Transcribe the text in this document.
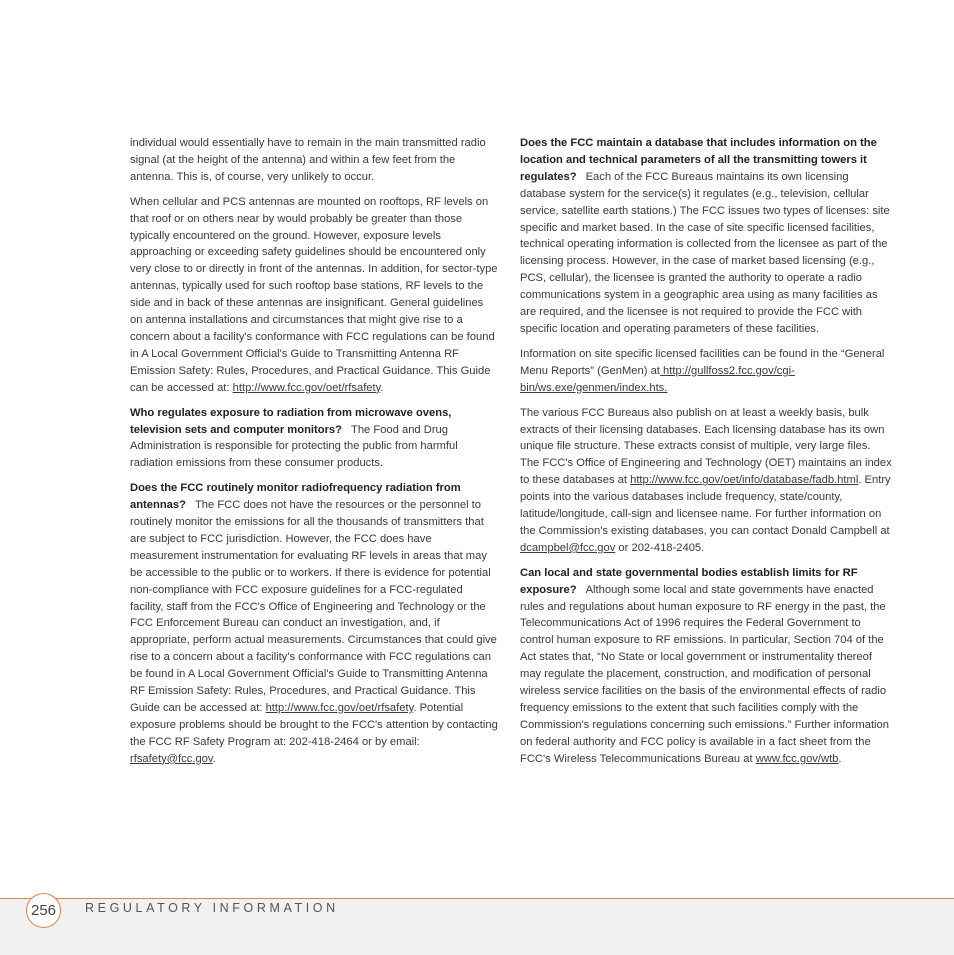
individual would essentially have to remain in the main transmitted radio signal (at the height of the antenna) and within a few feet from the antenna. This is, of course, very unlikely to occur.

When cellular and PCS antennas are mounted on rooftops, RF levels on that roof or on others near by would probably be greater than those typically encountered on the ground. However, exposure levels approaching or exceeding safety guidelines should be encountered only very close to or directly in front of the antennas. In addition, for sector-type antennas, typically used for such rooftop base stations, RF levels to the side and in back of these antennas are insignificant. General guidelines on antenna installations and circumstances that might give rise to a concern about a facility's conformance with FCC regulations can be found in A Local Government Official's Guide to Transmitting Antenna RF Emission Safety: Rules, Procedures, and Practical Guidance. This Guide can be accessed at: http://www.fcc.gov/oet/rfsafety.

Who regulates exposure to radiation from microwave ovens, television sets and computer monitors? The Food and Drug Administration is responsible for protecting the public from harmful radiation emissions from these consumer products.

Does the FCC routinely monitor radiofrequency radiation from antennas? The FCC does not have the resources or the personnel to routinely monitor the emissions for all the thousands of transmitters that are subject to FCC jurisdiction. However, the FCC does have measurement instrumentation for evaluating RF levels in areas that may be accessible to the public or to workers. If there is evidence for potential non-compliance with FCC exposure guidelines for a FCC-regulated facility, staff from the FCC's Office of Engineering and Technology or the FCC Enforcement Bureau can conduct an investigation, and, if appropriate, perform actual measurements. Circumstances that could give rise to a concern about a facility's conformance with FCC regulations can be found in A Local Government Official's Guide to Transmitting Antenna RF Emission Safety: Rules, Procedures, and Practical Guidance. This Guide can be accessed at: http://www.fcc.gov/oet/rfsafety. Potential exposure problems should be brought to the FCC's attention by contacting the FCC RF Safety Program at: 202-418-2464 or by email: rfsafety@fcc.gov.

Does the FCC maintain a database that includes information on the location and technical parameters of all the transmitting towers it regulates? Each of the FCC Bureaus maintains its own licensing database system for the service(s) it regulates (e.g., television, cellular service, satellite earth stations.) The FCC issues two types of licenses: site specific and market based. In the case of site specific licensed facilities, technical operating information is collected from the licensee as part of the licensing process. However, in the case of market based licensing (e.g., PCS, cellular), the licensee is granted the authority to operate a radio communications system in a geographic area using as many facilities as are required, and the licensee is not required to provide the FCC with specific location and operating parameters of these facilities.

Information on site specific licensed facilities can be found in the “General Menu Reports” (GenMen) at http://gullfoss2.fcc.gov/cgi-bin/ws.exe/genmen/index.hts.

The various FCC Bureaus also publish on at least a weekly basis, bulk extracts of their licensing databases. Each licensing database has its own unique file structure. These extracts consist of multiple, very large files. The FCC's Office of Engineering and Technology (OET) maintains an index to these databases at http://www.fcc.gov/oet/info/database/fadb.html. Entry points into the various databases include frequency, state/county, latitude/longitude, call-sign and licensee name. For further information on the Commission's existing databases, you can contact Donald Campbell at dcampbel@fcc.gov or 202-418-2405.

Can local and state governmental bodies establish limits for RF exposure? Although some local and state governments have enacted rules and regulations about human exposure to RF energy in the past, the Telecommunications Act of 1996 requires the Federal Government to control human exposure to RF emissions. In particular, Section 704 of the Act states that, “No State or local government or instrumentality thereof may regulate the placement, construction, and modification of personal wireless service facilities on the basis of the environmental effects of radio frequency emissions to the extent that such facilities comply with the Commission's regulations concerning such emissions.” Further information on federal authority and FCC policy is available in a fact sheet from the FCC's Wireless Telecommunications Bureau at www.fcc.gov/wtb.

256	REGULATORY INFORMATION
